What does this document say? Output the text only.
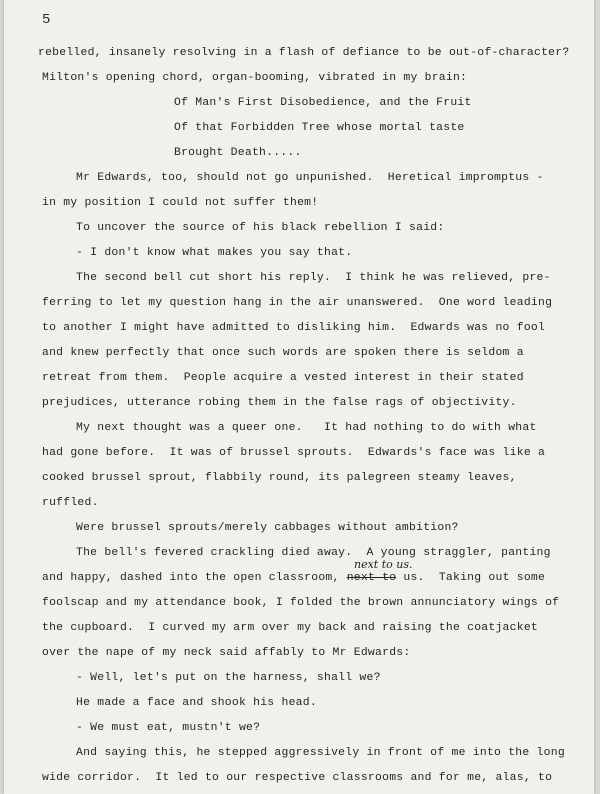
5
rebelled, insanely resolving in a flash of defiance to be out-of-character?
Milton's opening chord, organ-booming, vibrated in my brain:
Of Man's First Disobedience, and the Fruit
Of that Forbidden Tree whose mortal taste
Brought Death.....
Mr Edwards, too, should not go unpunished.  Heretical impromptus -
in my position I could not suffer them!
To uncover the source of his black rebellion I said:
- I don't know what makes you say that.
The second bell cut short his reply.  I think he was relieved, pre-
ferring to let my question hang in the air unanswered.  One word leading
to another I might have admitted to disliking him.  Edwards was no fool
and knew perfectly that once such words are spoken there is seldom a
retreat from them.  People acquire a vested interest in their stated
prejudices, utterance robing them in the false rags of objectivity.
My next thought was a queer one.   It had nothing to do with what
had gone before.  It was of brussel sprouts.  Edwards's face was like a
cooked brussel sprout, flabbily round, its palegreen steamy leaves,
ruffled.
Were brussel sprouts/merely cabbages without ambition?
The bell's fevered crackling died away.  A young straggler, panting
next to us.
and happy, dashed into the open classroom, next to us.  Taking out some
foolscap and my attendance book, I folded the brown annunciatory wings of
the cupboard.  I curved my arm over my back and raising the coatjacket
over the nape of my neck said affably to Mr Edwards:
- Well, let's put on the harness, shall we?
He made a face and shook his head.
- We must eat, mustn't we?
And saying this, he stepped aggressively in front of me into the long
wide corridor.  It led to our respective classrooms and for me, alas, to
